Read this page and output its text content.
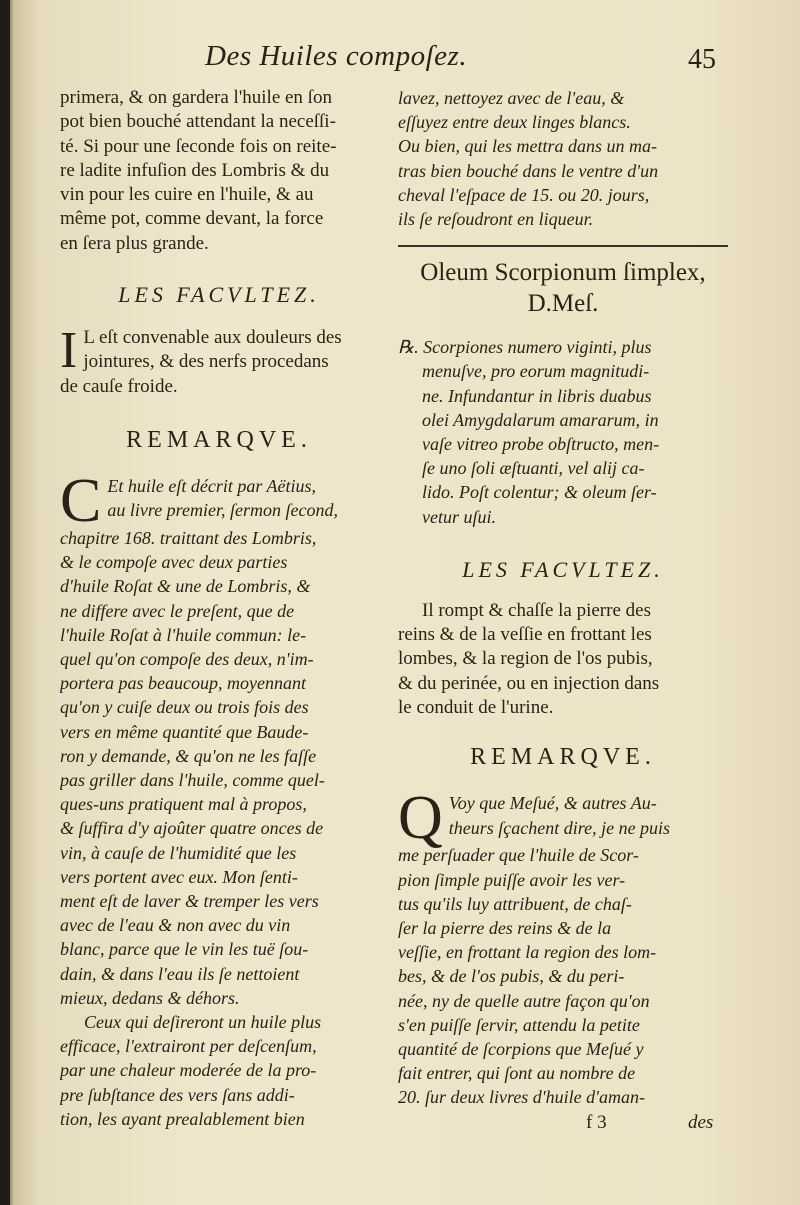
Des Huiles compoſez.	45
primera, & on gardera l'huile en ſon
pot bien bouché attendant la neceſſi-
té. Si pour une ſeconde fois on reite-
re ladite infuſion des Lombris & du
vin pour les cuire en l'huile, & au
même pot, comme devant, la force
en ſera plus grande.
LES FACVLTEZ.
I L eſt convenable aux douleurs des
jointures, & des nerfs procedans
de cauſe froide.
REMARQVE.
C Et huile eſt décrit par Aëtius,
au livre premier, ſermon ſecond,
chapitre 168. traittant des Lombris,
& le compoſe avec deux parties
d'huile Roſat & une de Lombris, &
ne differe avec le preſent, que de
l'huile Roſat à l'huile commun: le-
quel qu'on compoſe des deux, n'im-
portera pas beaucoup, moyennant
qu'on y cuiſe deux ou trois fois des
vers en même quantité que Baude-
ron y demande, & qu'on ne les faſſe
pas griller dans l'huile, comme quel-
ques-uns pratiquent mal à propos,
& ſuffira d'y ajoûter quatre onces de
vin, à cauſe de l'humidité que les
vers portent avec eux. Mon ſenti-
ment eſt de laver & tremper les vers
avec de l'eau & non avec du vin
blanc, parce que le vin les tuë ſou-
dain, & dans l'eau ils ſe nettoient
mieux, dedans & déhors.
Ceux qui deſireront un huile plus
efficace, l'extrairont per deſcenſum,
par une chaleur moderée de la pro-
pre ſubſtance des vers ſans addi-
tion, les ayant prealablement bien
lavez, nettoyez avec de l'eau, &
eſſuyez entre deux linges blancs.
Ou bien, qui les mettra dans un ma-
tras bien bouché dans le ventre d'un
cheval l'eſpace de 15. ou 20. jours,
ils ſe reſoudront en liqueur.
Oleum Scorpionum ſimplex,
D.Meſ.
℞. Scorpiones numero viginti, plus
menuſve, pro eorum magnitudi-
ne. Infundantur in libris duabus
olei Amygdalarum amararum, in
vaſe vitreo probe obſtructo, men-
ſe uno ſoli æſtuanti, vel alij ca-
lido. Poſt colentur; & oleum ſer-
vetur uſui.
LES FACVLTEZ.
Il rompt & chaſſe la pierre des
reins & de la veſſie en frottant les
lombes, & la region de l'os pubis,
& du perinée, ou en injection dans
le conduit de l'urine.
REMARQVE.
Q Voy que Meſué, & autres Au-
theurs ſçachent dire, je ne puis
me perſuader que l'huile de Scor-
pion ſimple puiſſe avoir les ver-
tus qu'ils luy attribuent, de chaſ-
ſer la pierre des reins & de la
veſſie, en frottant la region des lom-
bes, & de l'os pubis, & du peri-
née, ny de quelle autre façon qu'on
s'en puiſſe ſervir, attendu la petite
quantité de ſcorpions que Meſué y
fait entrer, qui ſont au nombre de
20. ſur deux livres d'huile d'aman-
f 3	des
